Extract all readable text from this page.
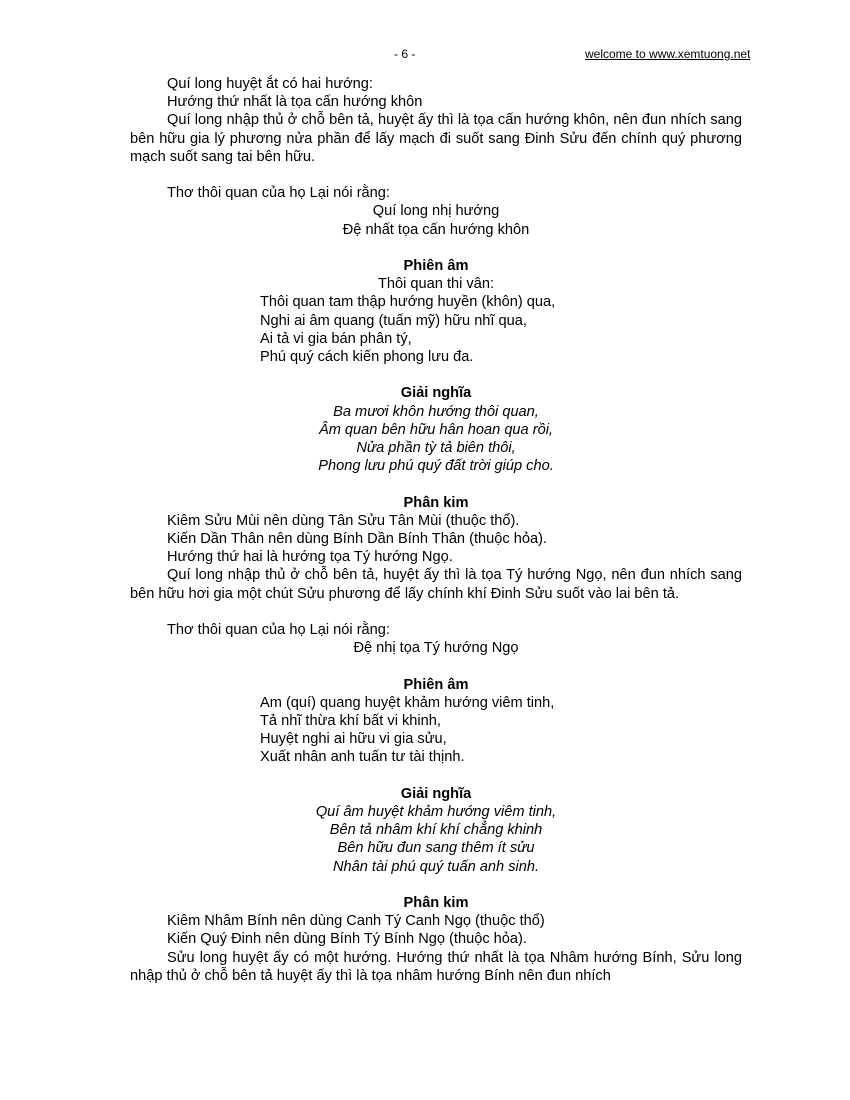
- 6 -	welcome to www.xemtuong.net

Quí long huyệt ắt có hai hướng:

Hướng thứ nhất là tọa cấn hướng khôn

Quí long nhập thủ ở chỗ bên tả, huyệt ấy thì là tọa cấn hướng khôn, nên đun nhích sang bên hữu gia lý phương nửa phần để lấy mạch đi suốt sang Đinh Sửu đến chính quý phương mạch suốt sang tai bên hữu.

Thơ thôi quan của họ Lại nói rằng:

Quí long nhị hướng

Đệ nhất tọa cấn hướng khôn

Phiên âm

Thôi quan thi vân:

Thôi quan tam thập hướng huyền (khôn) qua,

Nghi ai âm quang (tuấn mỹ) hữu nhĩ qua,

Ai tả vi gia bán phân tý,

Phú quý cách kiến phong lưu đa.

Giải nghĩa

Ba mươi khôn hướng thôi quan,

Âm quan bên hữu hân hoan qua rồi,

Nửa phần tỳ tả biên thôi,

Phong lưu phú quý đất trời giúp cho.

Phân kim

Kiêm Sửu Mùi nên dùng Tân Sửu Tân Mùi (thuộc thổ).

Kiến Dần Thân nên dùng Bính Dần Bính Thân (thuộc hỏa).

Hướng thứ hai là hướng tọa Tý hướng Ngọ.

Quí long nhập thủ ở chỗ bên tả, huyệt ấy thì là tọa Tý hướng Ngọ, nên đun nhích sang bên hữu hơi gia một chút Sửu phương để lấy chính khí Đinh Sửu suốt vào lai bên tả.

Thơ thôi quan của họ Lại nói rằng:

Đệ nhị tọa Tý hướng Ngọ

Phiên âm

Am (quí) quang huyệt khảm hướng viêm tinh,

Tả nhĩ thừa khí bất vi khinh,

Huyệt nghi ai hữu vi gia sửu,

Xuất nhân anh tuấn tư tài thịnh.

Giải nghĩa

Quí âm huyệt khảm hướng viêm tinh,

Bên tả nhâm khí khí chẳng khinh

Bên hữu đun sang thêm ít sửu

Nhân tài phú quý tuấn anh sinh.

Phân kim

Kiêm Nhâm Bính nên dùng Canh Tý Canh Ngọ (thuộc thổ)

Kiến Quý Đinh nên dùng Bính Tý Bính Ngọ (thuộc hỏa).

Sửu long huyệt ấy có một hướng. Hướng thứ nhất là tọa Nhâm hướng Bính, Sửu long nhập thủ ở chỗ bên tả huyệt ấy thì là tọa nhâm hướng Bính nên đun nhích
